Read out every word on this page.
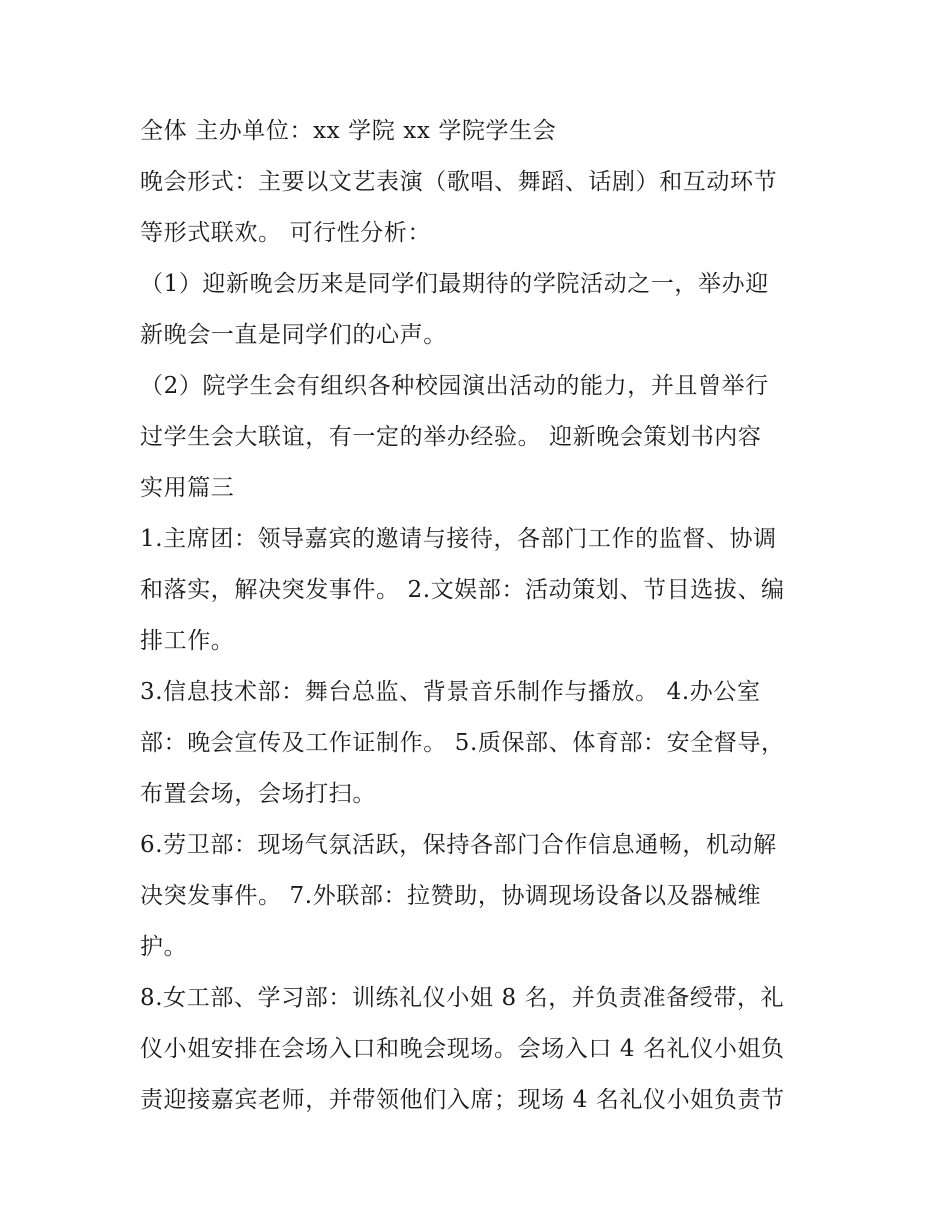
全体 主办单位：xx 学院 xx 学院学生会
晚会形式：主要以文艺表演（歌唱、舞蹈、话剧）和互动环节
等形式联欢。 可行性分析：
（1）迎新晚会历来是同学们最期待的学院活动之一，举办迎
新晚会一直是同学们的心声。
（2）院学生会有组织各种校园演出活动的能力，并且曾举行
过学生会大联谊，有一定的举办经验。 迎新晚会策划书内容
实用篇三
1.主席团：领导嘉宾的邀请与接待，各部门工作的监督、协调
和落实，解决突发事件。 2.文娱部：活动策划、节目选拔、编
排工作。
3.信息技术部：舞台总监、背景音乐制作与播放。 4.办公室
部：晚会宣传及工作证制作。 5.质保部、体育部：安全督导，
布置会场，会场打扫。
6.劳卫部：现场气氛活跃，保持各部门合作信息通畅，机动解
决突发事件。 7.外联部：拉赞助，协调现场设备以及器械维
护。
8.女工部、学习部：训练礼仪小姐 8 名，并负责准备绶带，礼
仪小姐安排在会场入口和晚会现场。会场入口 4 名礼仪小姐负
责迎接嘉宾老师，并带领他们入席；现场 4 名礼仪小姐负责节
